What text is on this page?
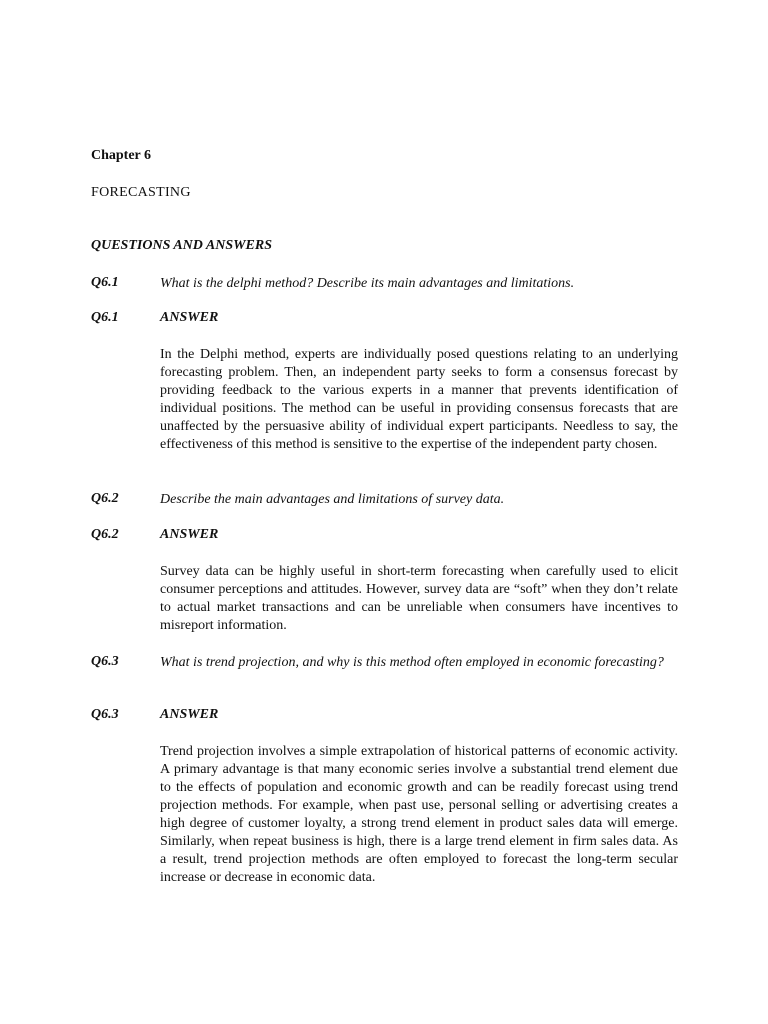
Chapter 6

FORECASTING

QUESTIONS AND ANSWERS

Q6.1	What is the delphi method? Describe its main advantages and limitations.

Q6.1	ANSWER

In the Delphi method, experts are individually posed questions relating to an underlying forecasting problem. Then, an independent party seeks to form a consensus forecast by providing feedback to the various experts in a manner that prevents identification of individual positions. The method can be useful in providing consensus forecasts that are unaffected by the persuasive ability of individual expert participants. Needless to say, the effectiveness of this method is sensitive to the expertise of the independent party chosen.

Q6.2	Describe the main advantages and limitations of survey data.

Q6.2	ANSWER

Survey data can be highly useful in short-term forecasting when carefully used to elicit consumer perceptions and attitudes. However, survey data are “soft” when they don’t relate to actual market transactions and can be unreliable when consumers have incentives to misreport information.

Q6.3	What is trend projection, and why is this method often employed in economic forecasting?

Q6.3	ANSWER

Trend projection involves a simple extrapolation of historical patterns of economic activity. A primary advantage is that many economic series involve a substantial trend element due to the effects of population and economic growth and can be readily forecast using trend projection methods. For example, when past use, personal selling or advertising creates a high degree of customer loyalty, a strong trend element in product sales data will emerge. Similarly, when repeat business is high, there is a large trend element in firm sales data. As a result, trend projection methods are often employed to forecast the long-term secular increase or decrease in economic data.
